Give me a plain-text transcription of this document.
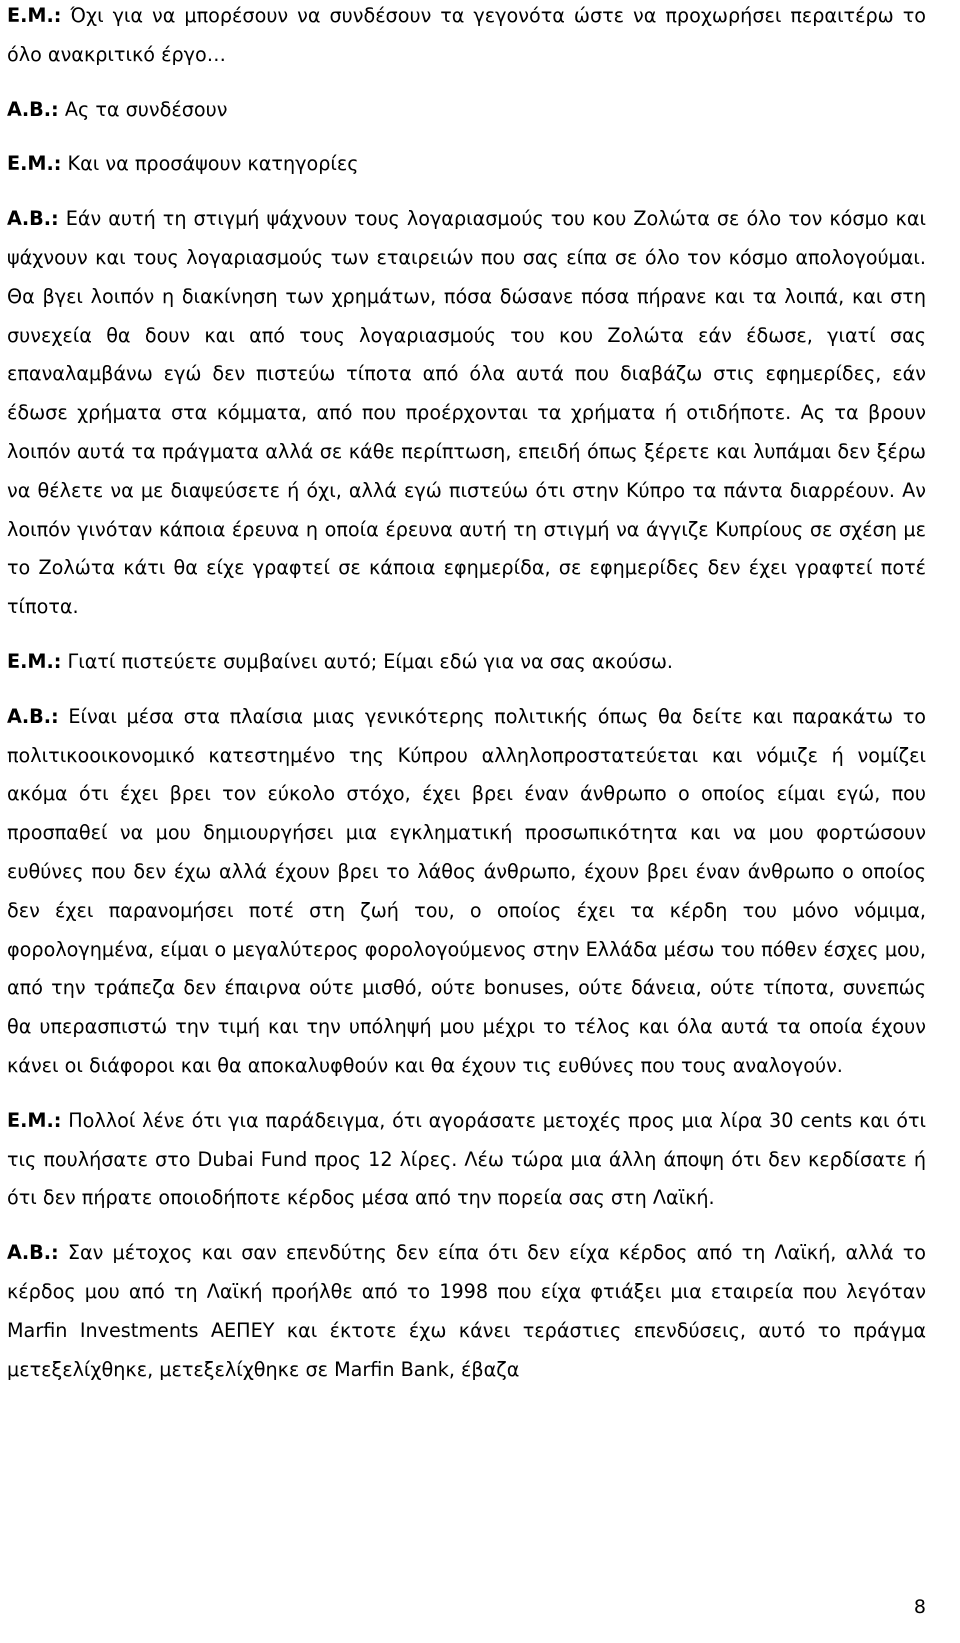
Ε.Μ.: Όχι για να μπορέσουν να συνδέσουν τα γεγονότα ώστε να προχωρήσει περαιτέρω το όλο ανακριτικό έργο…

Α.Β.: Ας τα συνδέσουν

Ε.Μ.: Και να προσάψουν κατηγορίες

Α.Β.: Εάν αυτή τη στιγμή ψάχνουν τους λογαριασμούς του κου Ζολώτα σε όλο τον κόσμο και ψάχνουν και τους λογαριασμούς των εταιρειών που σας είπα σε όλο τον κόσμο απολογούμαι. Θα βγει λοιπόν η διακίνηση των χρημάτων, πόσα δώσανε πόσα πήρανε και τα λοιπά, και στη συνεχεία θα δουν και από τους λογαριασμούς του κου Ζολώτα εάν έδωσε, γιατί σας επαναλαμβάνω εγώ δεν πιστεύω τίποτα από όλα αυτά που διαβάζω στις εφημερίδες, εάν έδωσε χρήματα στα κόμματα, από που προέρχονται τα χρήματα ή οτιδήποτε. Ας τα βρουν λοιπόν αυτά τα πράγματα αλλά σε κάθε περίπτωση, επειδή όπως ξέρετε και λυπάμαι δεν ξέρω να θέλετε να με διαψεύσετε ή όχι, αλλά εγώ πιστεύω ότι στην Κύπρο τα πάντα διαρρέουν. Αν λοιπόν γινόταν κάποια έρευνα η οποία έρευνα αυτή τη στιγμή να άγγιζε Κυπρίους σε σχέση με το Ζολώτα κάτι θα είχε γραφτεί σε κάποια εφημερίδα, σε εφημερίδες δεν έχει γραφτεί ποτέ τίποτα.

Ε.Μ.: Γιατί πιστεύετε συμβαίνει αυτό; Είμαι εδώ για να σας ακούσω.

Α.Β.: Είναι μέσα στα πλαίσια μιας γενικότερης πολιτικής όπως θα δείτε και παρακάτω το πολιτικοοικονομικό κατεστημένο της Κύπρου αλληλοπροστατεύεται και νόμιζε ή νομίζει ακόμα ότι έχει βρει τον εύκολο στόχο, έχει βρει έναν άνθρωπο ο οποίος είμαι εγώ, που προσπαθεί να μου δημιουργήσει μια εγκληματική προσωπικότητα και να μου φορτώσουν ευθύνες που δεν έχω αλλά έχουν βρει το λάθος άνθρωπο, έχουν βρει έναν άνθρωπο ο οποίος δεν έχει παρανομήσει ποτέ στη ζωή του, ο οποίος έχει τα κέρδη του μόνο νόμιμα, φορολογημένα, είμαι ο μεγαλύτερος φορολογούμενος στην Ελλάδα μέσω του πόθεν έσχες μου, από την τράπεζα δεν έπαιρνα ούτε μισθό, ούτε bonuses, ούτε δάνεια, ούτε τίποτα, συνεπώς θα υπερασπιστώ την τιμή και την υπόληψή μου μέχρι το τέλος και όλα αυτά τα οποία έχουν κάνει οι διάφοροι και θα αποκαλυφθούν και θα έχουν τις ευθύνες που τους αναλογούν.

Ε.Μ.: Πολλοί λένε ότι για παράδειγμα, ότι αγοράσατε μετοχές προς μια λίρα 30 cents και ότι τις πουλήσατε στο Dubai Fund προς 12 λίρες. Λέω τώρα μια άλλη άποψη ότι δεν κερδίσατε ή ότι δεν πήρατε οποιοδήποτε κέρδος μέσα από την πορεία σας στη Λαϊκή.

Α.Β.: Σαν μέτοχος και σαν επενδύτης δεν είπα ότι δεν είχα κέρδος από τη Λαϊκή, αλλά το κέρδος μου από τη Λαϊκή προήλθε από το 1998 που είχα φτιάξει μια εταιρεία που λεγόταν Marfin Investments ΑΕΠΕΥ και έκτοτε έχω κάνει τεράστιες επενδύσεις, αυτό το πράγμα μετεξελίχθηκε, μετεξελίχθηκε σε Marfin Bank, έβαζα

8
